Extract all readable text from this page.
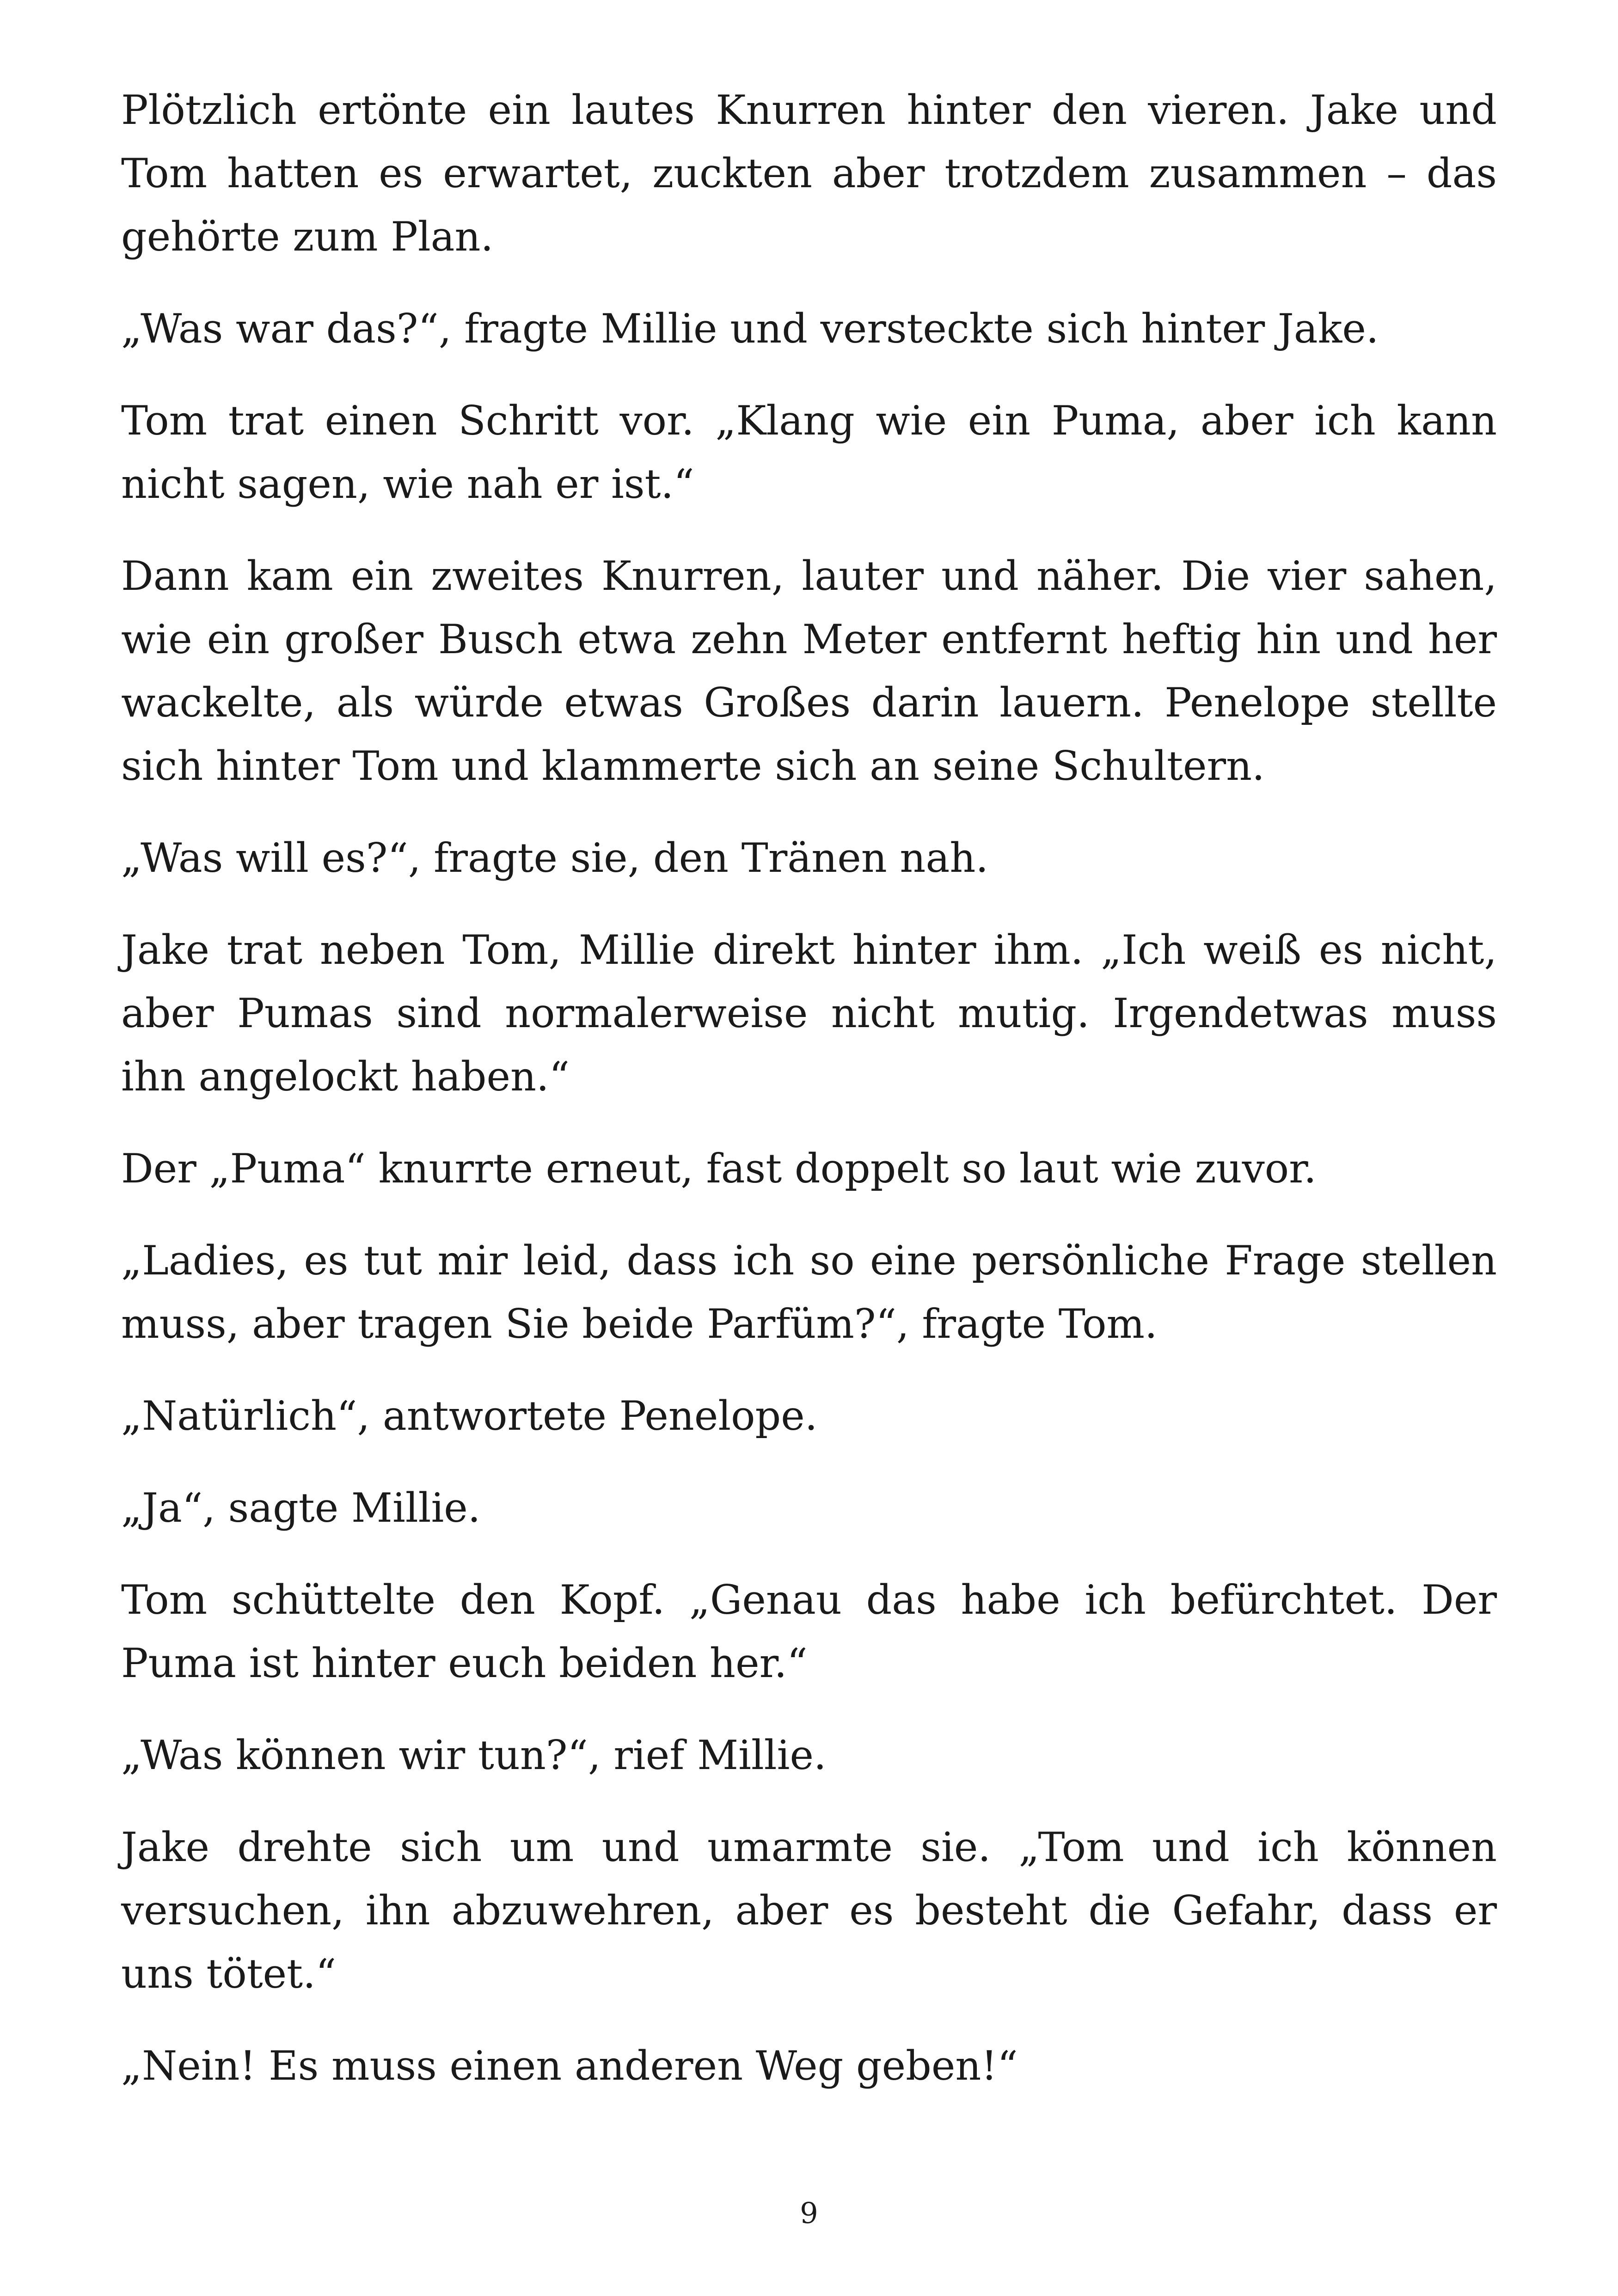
Plötzlich ertönte ein lautes Knurren hinter den vieren. Jake und Tom hatten es erwartet, zuckten aber trotzdem zusammen – das gehörte zum Plan.

„Was war das?“, fragte Millie und versteckte sich hinter Jake.

Tom trat einen Schritt vor. „Klang wie ein Puma, aber ich kann nicht sagen, wie nah er ist.“

Dann kam ein zweites Knurren, lauter und näher. Die vier sahen, wie ein großer Busch etwa zehn Meter entfernt heftig hin und her wackelte, als würde etwas Großes darin lauern. Penelope stellte sich hinter Tom und klammerte sich an seine Schultern.

„Was will es?“, fragte sie, den Tränen nah.

Jake trat neben Tom, Millie direkt hinter ihm. „Ich weiß es nicht, aber Pumas sind normalerweise nicht mutig. Irgendetwas muss ihn angelockt haben.“

Der „Puma“ knurrte erneut, fast doppelt so laut wie zuvor.

„Ladies, es tut mir leid, dass ich so eine persönliche Frage stellen muss, aber tragen Sie beide Parfüm?“, fragte Tom.

„Natürlich“, antwortete Penelope.

„Ja“, sagte Millie.

Tom schüttelte den Kopf. „Genau das habe ich befürchtet. Der Puma ist hinter euch beiden her.“

„Was können wir tun?“, rief Millie.

Jake drehte sich um und umarmte sie. „Tom und ich können versuchen, ihn abzuwehren, aber es besteht die Gefahr, dass er uns tötet.“

„Nein! Es muss einen anderen Weg geben!“

9
